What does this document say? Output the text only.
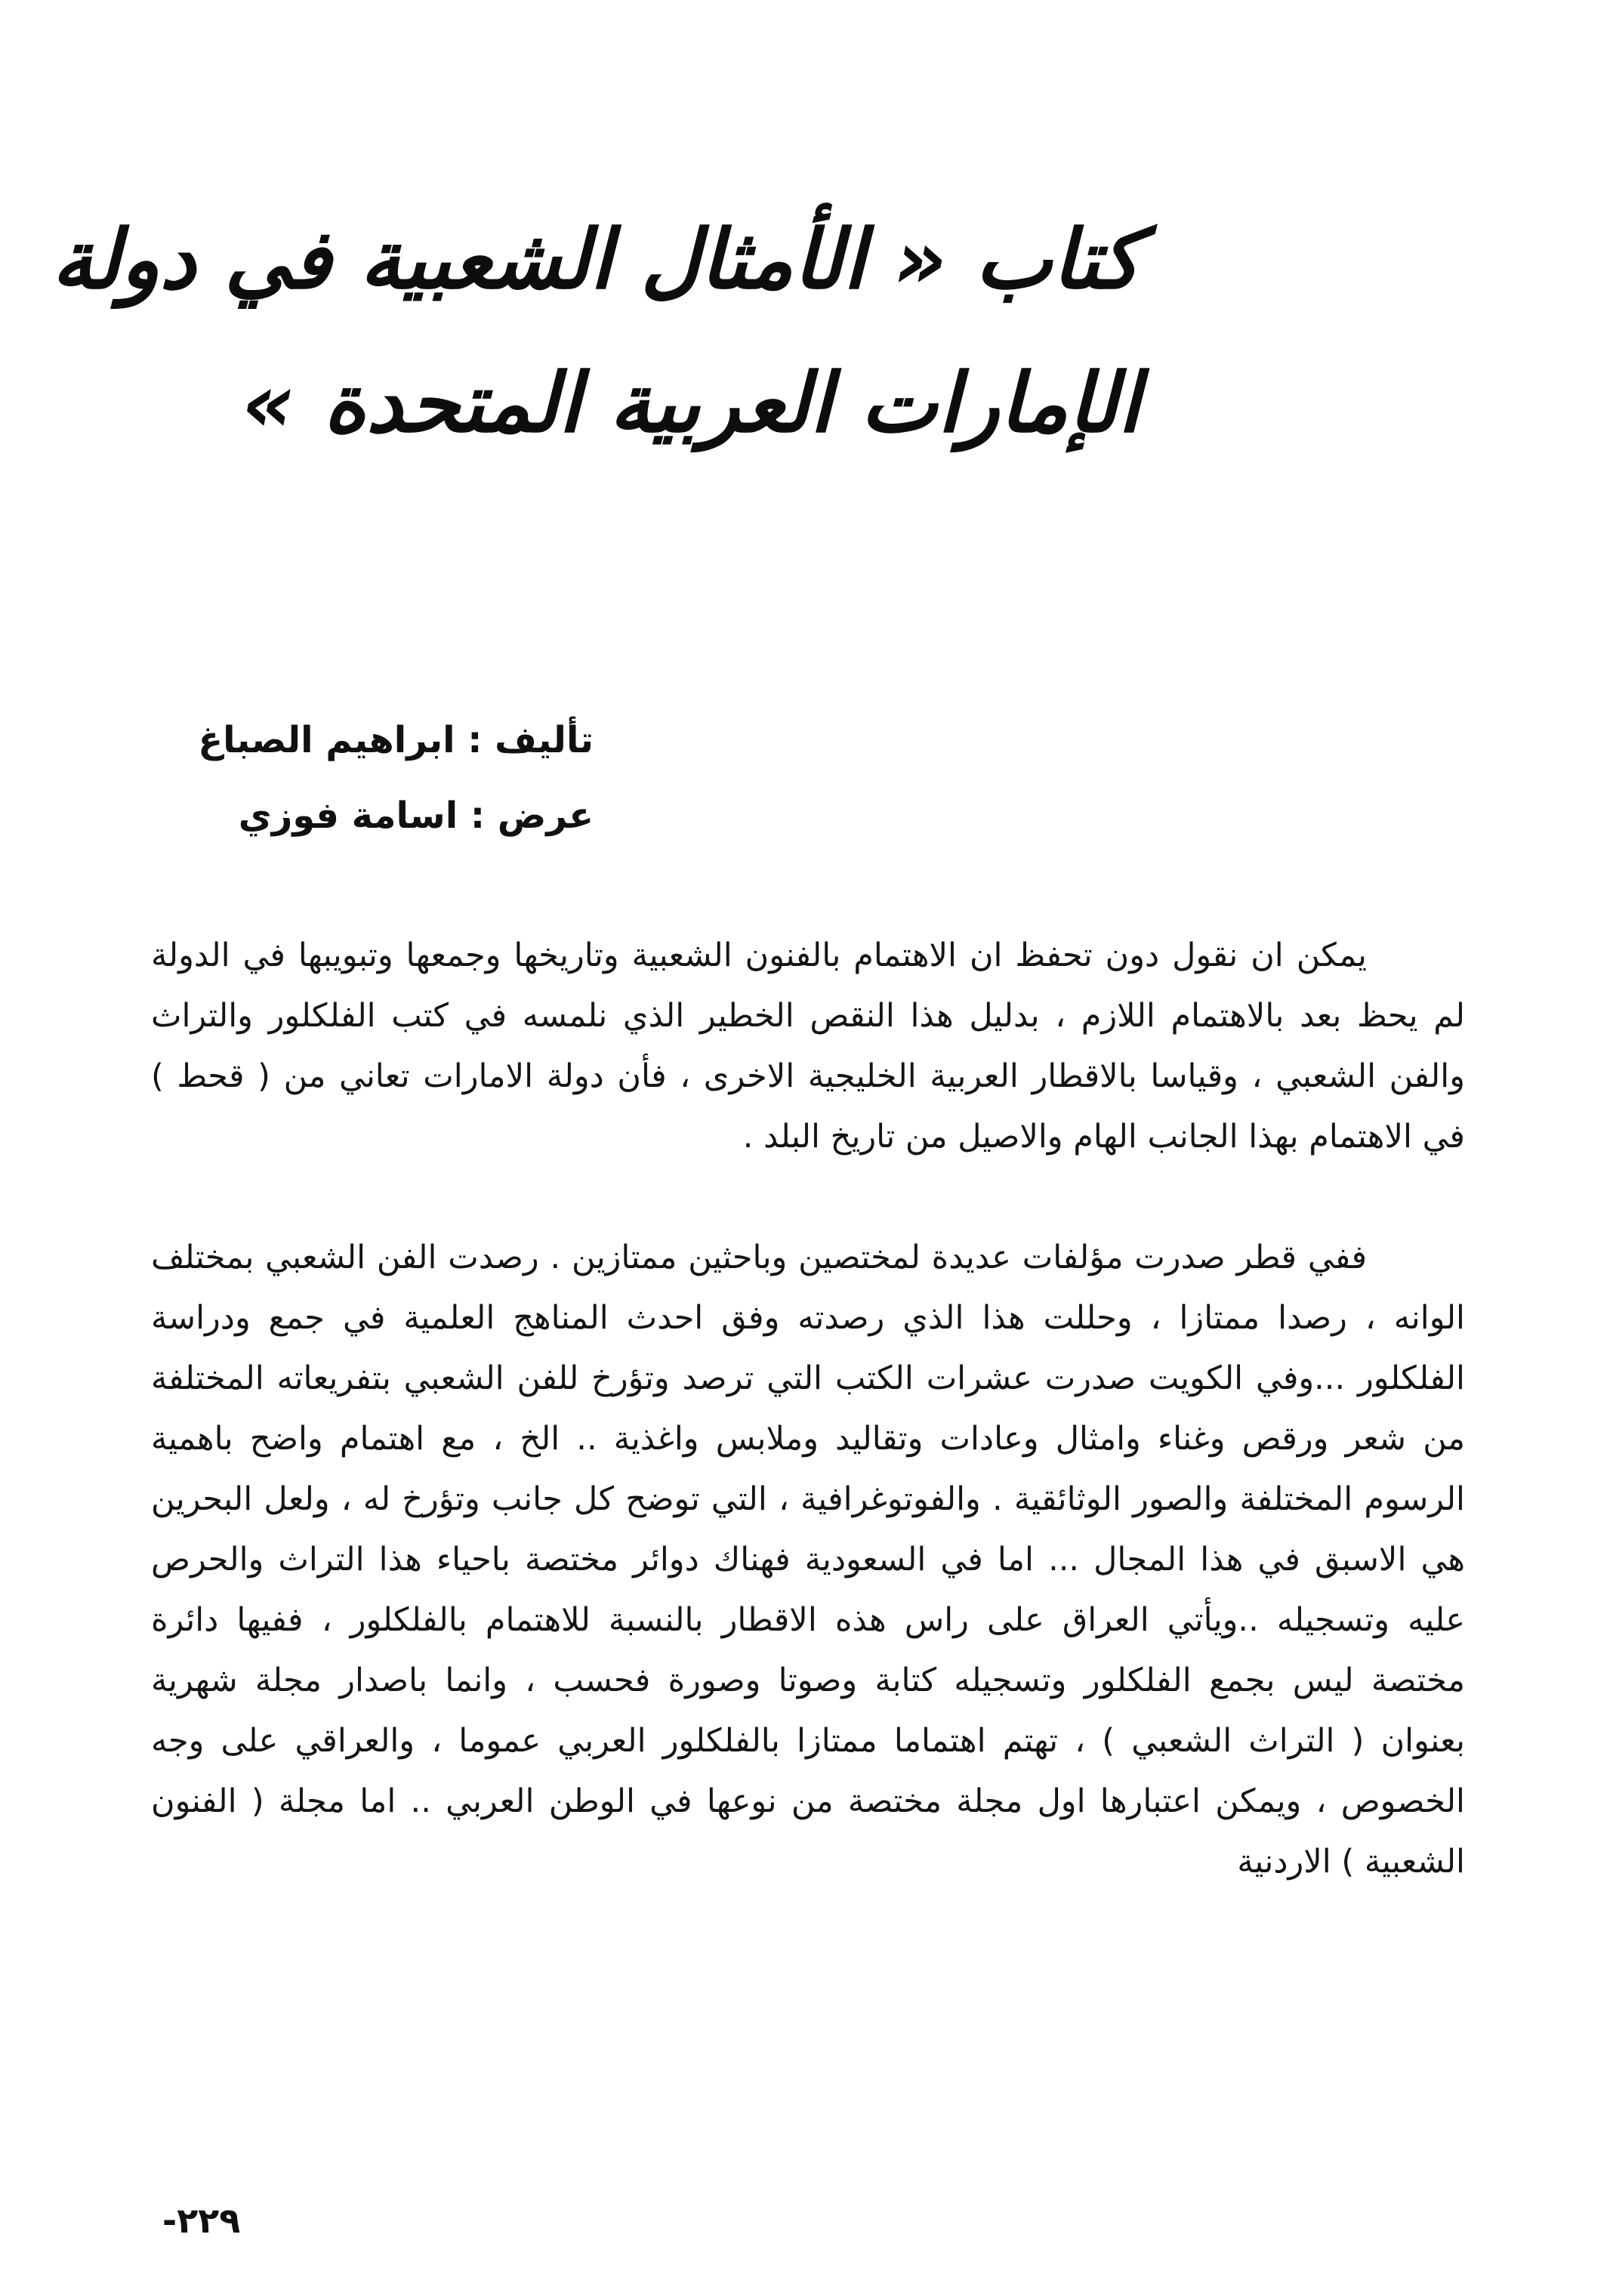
كتاب « الأمثال الشعبية في دولة
الإمارات العربية المتحدة »
تأليف : ابراهيم الصباغ
عرض : اسامة فوزي

يمكن ان نقول دون تحفظ ان الاهتمام بالفنون الشعبية وتاريخها وجمعها وتبويبها في الدولة لم يحظ بعد بالاهتمام اللازم ، بدليل هذا النقص الخطير الذي نلمسه في كتب الفلكلور والتراث والفن الشعبي ، وقياسا بالاقطار العربية الخليجية الاخرى ، فأن دولة الامارات تعاني من ( قحط ) في الاهتمام بهذا الجانب الهام والاصيل من تاريخ البلد .

ففي قطر صدرت مؤلفات عديدة لمختصين وباحثين ممتازين . رصدت الفن الشعبي بمختلف الوانه ، رصدا ممتازا ، وحللت هذا الذي رصدته وفق احدث المناهج العلمية في جمع ودراسة الفلكلور ...وفي الكويت صدرت عشرات الكتب التي ترصد وتؤرخ للفن الشعبي بتفريعاته المختلفة من شعر ورقص وغناء وامثال وعادات وتقاليد وملابس واغذية .. الخ ، مع اهتمام واضح باهمية الرسوم المختلفة والصور الوثائقية . والفوتوغرافية ، التي توضح كل جانب وتؤرخ له ، ولعل البحرين هي الاسبق في هذا المجال ... اما في السعودية فهناك دوائر مختصة باحياء هذا التراث والحرص عليه وتسجيله ..ويأتي العراق على راس هذه الاقطار بالنسبة للاهتمام بالفلكلور ، ففيها دائرة مختصة ليس بجمع الفلكلور وتسجيله كتابة وصوتا وصورة فحسب ، وانما باصدار مجلة شهرية بعنوان ( التراث الشعبي ) ، تهتم اهتماما ممتازا بالفلكلور العربي عموما ، والعراقي على وجه الخصوص ، ويمكن اعتبارها اول مجلة مختصة من نوعها في الوطن العربي .. اما مجلة ( الفنون الشعبية ) الاردنية

-٢٢٩
